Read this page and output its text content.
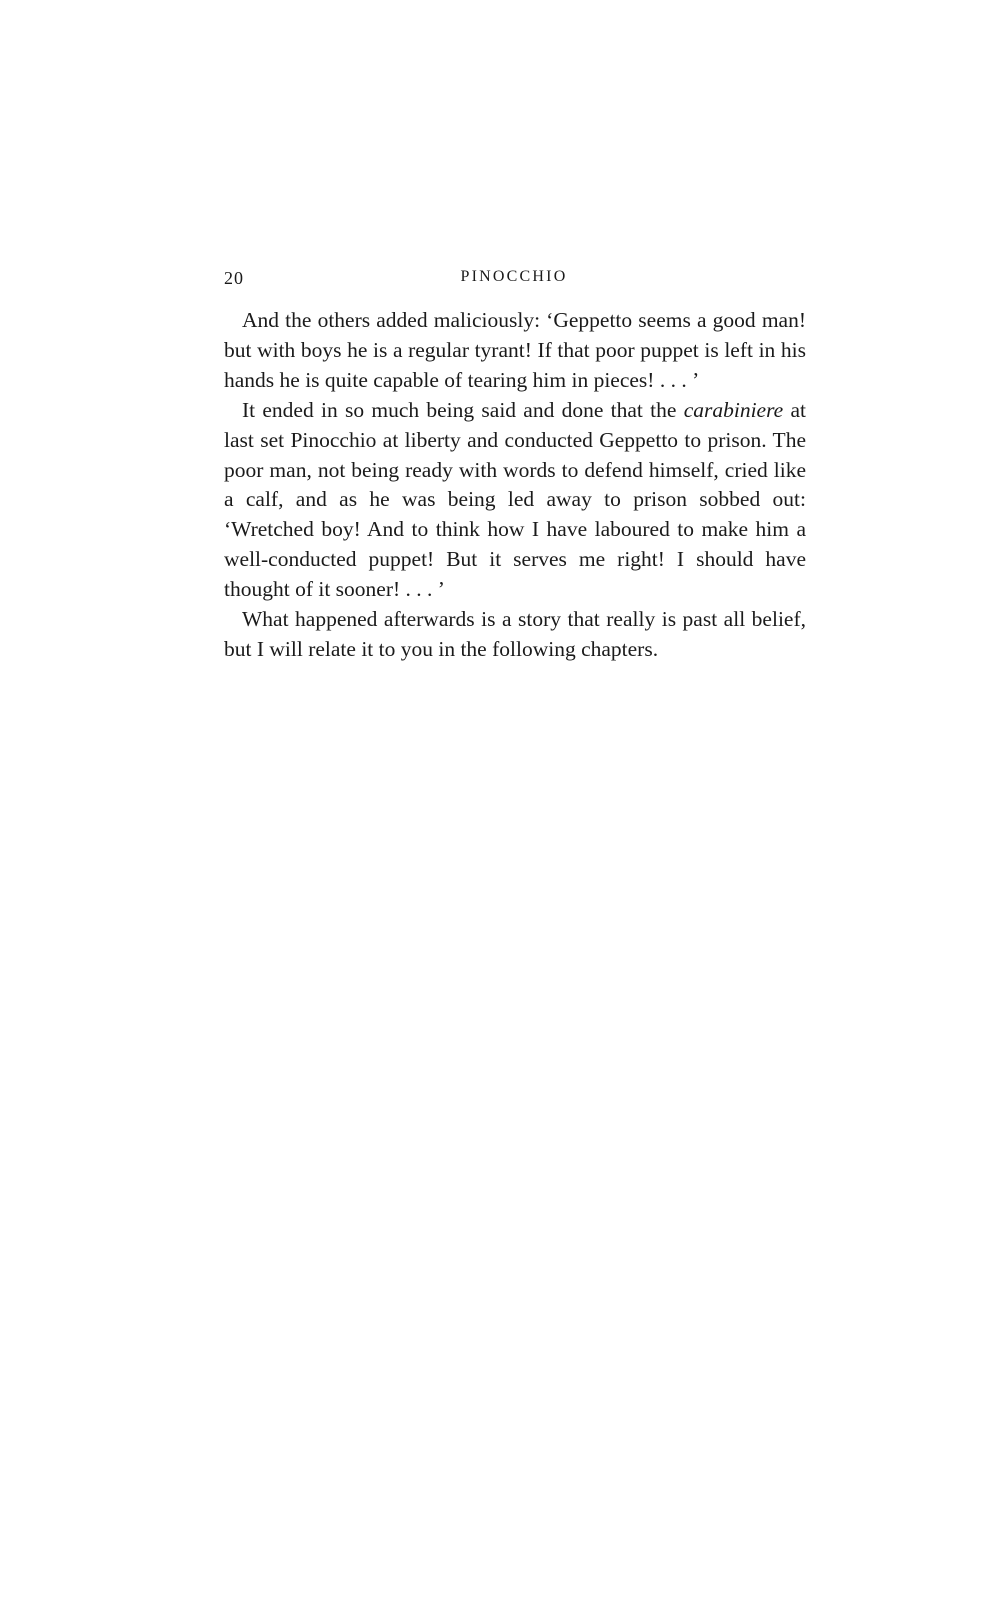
20	PINOCCHIO

And the others added maliciously: ‘Geppetto seems a good man! but with boys he is a regular tyrant! If that poor puppet is left in his hands he is quite capable of tearing him in pieces! . . . ’

It ended in so much being said and done that the carabiniere at last set Pinocchio at liberty and conducted Geppetto to prison. The poor man, not being ready with words to defend himself, cried like a calf, and as he was being led away to prison sobbed out: ‘Wretched boy! And to think how I have laboured to make him a well-conducted puppet! But it serves me right! I should have thought of it sooner! . . . ’

What happened afterwards is a story that really is past all belief, but I will relate it to you in the following chapters.
